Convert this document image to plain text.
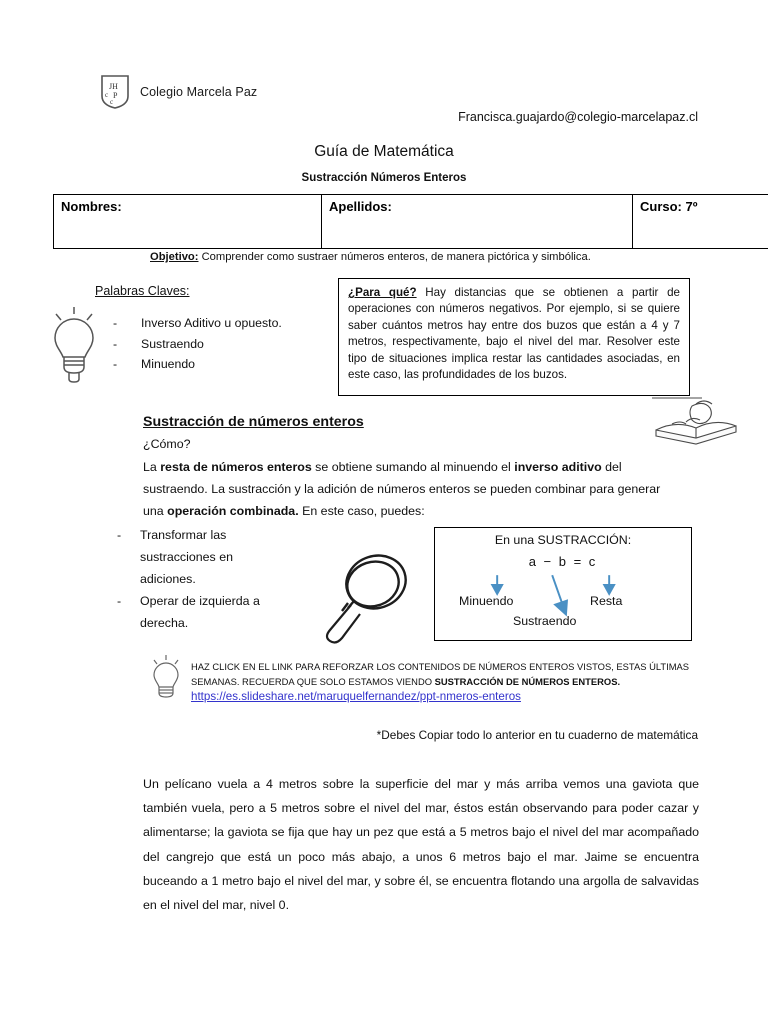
JH
P
c
c
Colegio Marcela Paz
Francisca.guajardo@colegio-marcelapaz.cl
Guía de Matemática
Sustracción Números Enteros
Nombres:	Apellidos:	Curso: 7º
Objetivo: Comprender como sustraer números enteros, de manera pictórica y simbólica.
Palabras Claves:
- Inverso Aditivo u opuesto.
- Sustraendo
- Minuendo
¿Para qué? Hay distancias que se obtienen a partir de operaciones con números negativos. Por ejemplo, si se quiere saber cuántos metros hay entre dos buzos que están a 4 y 7 metros, respectivamente, bajo el nivel del mar. Resolver este tipo de situaciones implica restar las cantidades asociadas, en este caso, las profundidades de los buzos.
Sustracción de números enteros
¿Cómo?
La resta de números enteros se obtiene sumando al minuendo el inverso aditivo del sustraendo. La sustracción y la adición de números enteros se pueden combinar para generar una operación combinada. En este caso, puedes:
- Transformar las sustracciones en adiciones.
- Operar de izquierda a derecha.
En una SUSTRACCIÓN:
a − b = c
Minuendo	Resta
Sustraendo
HAZ CLICK EN EL LINK PARA REFORZAR LOS CONTENIDOS DE NÚMEROS ENTEROS VISTOS, ESTAS ÚLTIMAS SEMANAS. RECUERDA QUE SOLO ESTAMOS VIENDO SUSTRACCIÓN DE NÚMEROS ENTEROS.
https://es.slideshare.net/maruquelfernandez/ppt-nmeros-enteros
*Debes Copiar todo lo anterior en tu cuaderno de matemática
Un pelícano vuela a 4 metros sobre la superficie del mar y más arriba vemos una gaviota que también vuela, pero a 5 metros sobre el nivel del mar, éstos están observando para poder cazar y alimentarse; la gaviota se fija que hay un pez que está a 5 metros bajo el nivel del mar acompañado del cangrejo que está un poco más abajo, a unos 6 metros bajo el mar. Jaime se encuentra buceando a 1 metro bajo el nivel del mar, y sobre él, se encuentra flotando una argolla de salvavidas en el nivel del mar, nivel 0.
